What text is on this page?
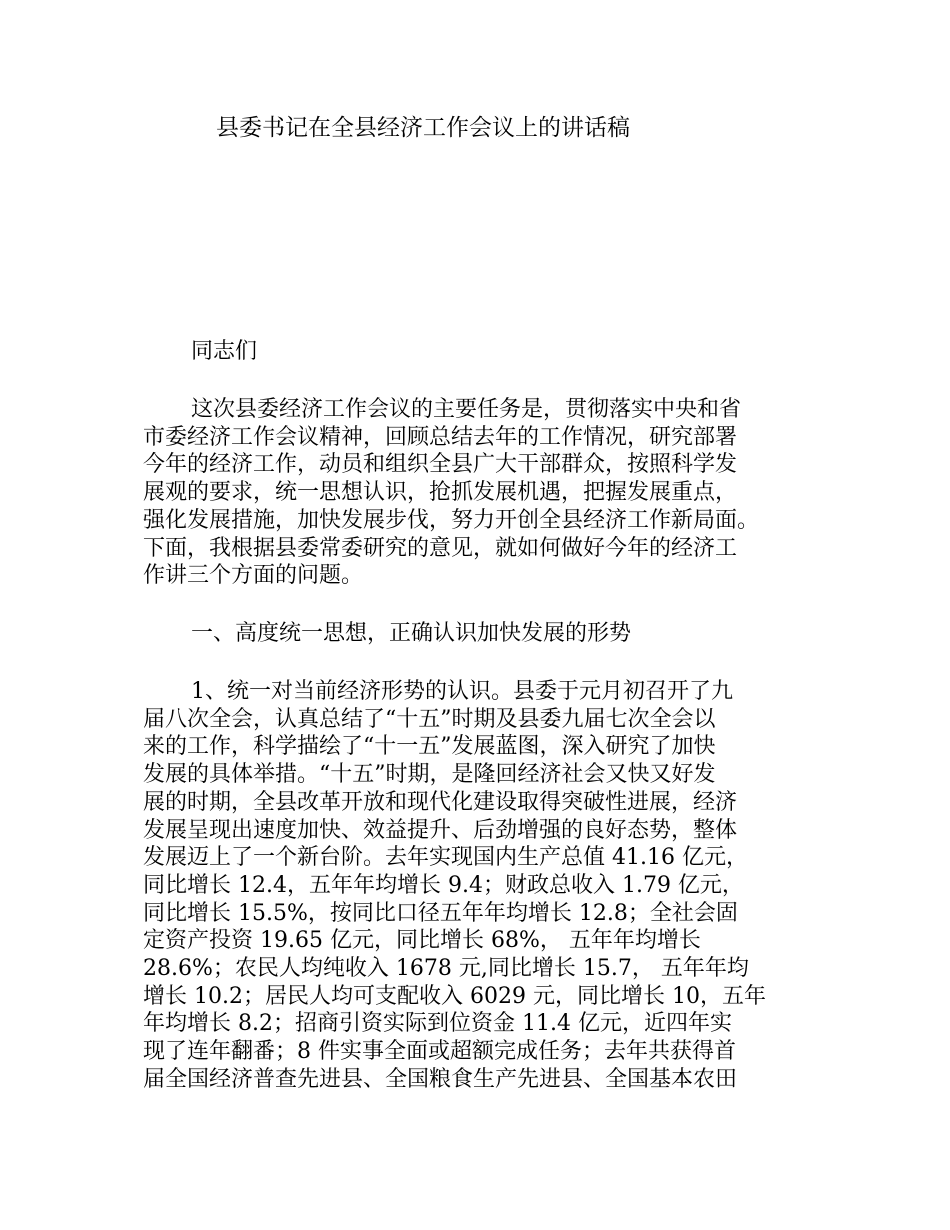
县委书记在全县经济工作会议上的讲话稿

同志们

这次县委经济工作会议的主要任务是，贯彻落实中央和省
市委经济工作会议精神，回顾总结去年的工作情况，研究部署
今年的经济工作，动员和组织全县广大干部群众，按照科学发
展观的要求，统一思想认识，抢抓发展机遇，把握发展重点，
强化发展措施，加快发展步伐，努力开创全县经济工作新局面。
下面，我根据县委常委研究的意见，就如何做好今年的经济工
作讲三个方面的问题。

一、高度统一思想，正确认识加快发展的形势

1、统一对当前经济形势的认识。县委于元月初召开了九
届八次全会，认真总结了“十五”时期及县委九届七次全会以
来的工作，科学描绘了“十一五”发展蓝图，深入研究了加快
发展的具体举措。“十五”时期，是隆回经济社会又快又好发
展的时期，全县改革开放和现代化建设取得突破性进展，经济
发展呈现出速度加快、效益提升、后劲增强的良好态势，整体
发展迈上了一个新台阶。去年实现国内生产总值 41.16 亿元，
同比增长 12.4，五年年均增长 9.4；财政总收入 1.79 亿元，
同比增长 15.5%，按同比口径五年年均增长 12.8；全社会固
定资产投资 19.65 亿元，同比增长 68%， 五年年均增长
28.6%；农民人均纯收入 1678 元,同比增长 15.7， 五年年均
增长 10.2；居民人均可支配收入 6029 元，同比增长 10，五年
年均增长 8.2；招商引资实际到位资金 11.4 亿元，近四年实
现了连年翻番；8 件实事全面或超额完成任务；去年共获得首
届全国经济普查先进县、全国粮食生产先进县、全国基本农田
